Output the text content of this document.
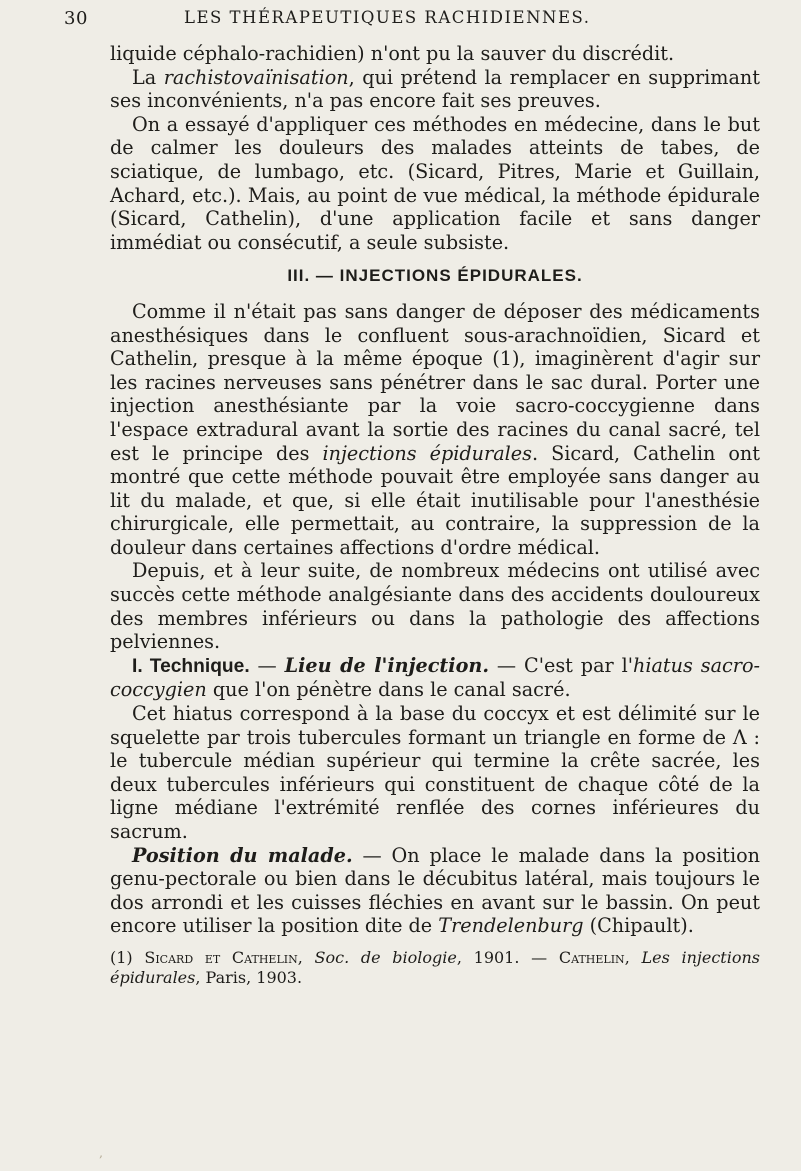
30	LES THÉRAPEUTIQUES RACHIDIENNES.

liquide céphalo-rachidien) n'ont pu la sauver du discrédit.

La rachistovaïnisation, qui prétend la remplacer en supprimant ses inconvénients, n'a pas encore fait ses preuves.

On a essayé d'appliquer ces méthodes en médecine, dans le but de calmer les douleurs des malades atteints de tabes, de sciatique, de lumbago, etc. (Sicard, Pitres, Marie et Guillain, Achard, etc.). Mais, au point de vue médical, la méthode épidurale (Sicard, Cathelin), d'une application facile et sans danger immédiat ou consécutif, a seule subsiste.

III. — INJECTIONS ÉPIDURALES.

Comme il n'était pas sans danger de déposer des médicaments anesthésiques dans le confluent sous-arachnoïdien, Sicard et Cathelin, presque à la même époque (1), imaginèrent d'agir sur les racines nerveuses sans pénétrer dans le sac dural. Porter une injection anesthésiante par la voie sacro-coccygienne dans l'espace extradural avant la sortie des racines du canal sacré, tel est le principe des injections épidurales. Sicard, Cathelin ont montré que cette méthode pouvait être employée sans danger au lit du malade, et que, si elle était inutilisable pour l'anesthésie chirurgicale, elle permettait, au contraire, la suppression de la douleur dans certaines affections d'ordre médical.

Depuis, et à leur suite, de nombreux médecins ont utilisé avec succès cette méthode analgésiante dans des accidents douloureux des membres inférieurs ou dans la pathologie des affections pelviennes.

I. Technique. — Lieu de l'injection. — C'est par l'hiatus sacro-coccygien que l'on pénètre dans le canal sacré.

Cet hiatus correspond à la base du coccyx et est délimité sur le squelette par trois tubercules formant un triangle en forme de Λ : le tubercule médian supérieur qui termine la crête sacrée, les deux tubercules inférieurs qui constituent de chaque côté de la ligne médiane l'extrémité renflée des cornes inférieures du sacrum.

Position du malade. — On place le malade dans la position genu-pectorale ou bien dans le décubitus latéral, mais toujours le dos arrondi et les cuisses fléchies en avant sur le bassin. On peut encore utiliser la position dite de Trendelenburg (Chipault).

(1) Sicard et Cathelin, Soc. de biologie, 1901. — Cathelin, Les injections épidurales, Paris, 1903.

‚
